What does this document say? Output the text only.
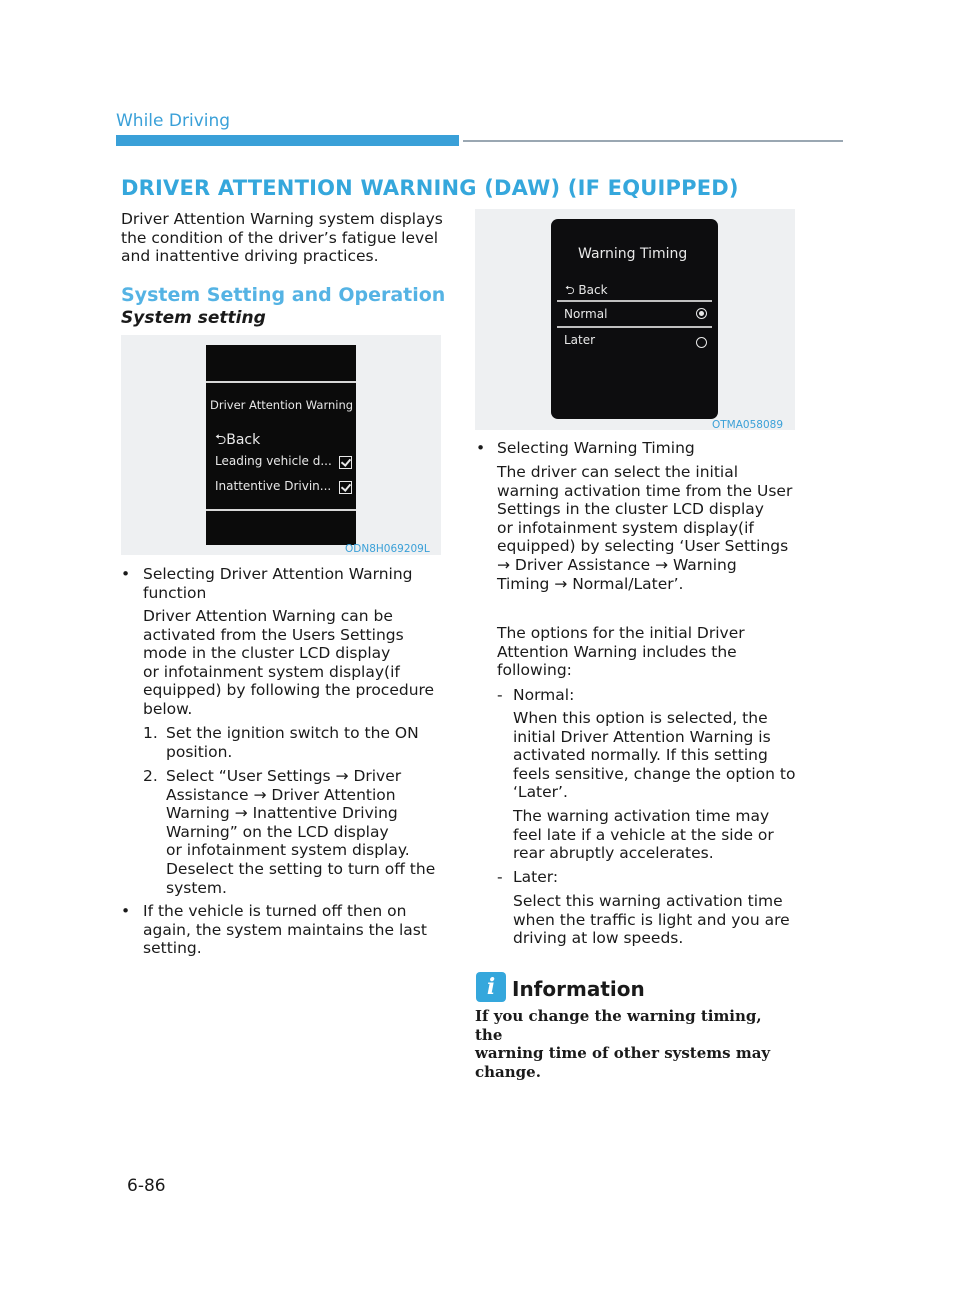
While Driving
DRIVER ATTENTION WARNING (DAW) (IF EQUIPPED)

Driver Attention Warning system displays

the condition of the driver’s fatigue level

and inattentive driving practices.

System Setting and Operation
System setting
Driver Attention Warning
⮌Back
Leading vehicle d...
Inattentive Drivin...
ODN8H069209L
• Selecting Driver Attention Warning

function

Driver Attention Warning can be

activated from the Users Settings

mode in the cluster LCD display

or infotainment system display(if

equipped) by following the procedure

below.

1. Set the ignition switch to the ON

position.

2. Select “User Settings → Driver

Assistance → Driver Attention

Warning → Inattentive Driving

Warning” on the LCD display

or infotainment system display.

Deselect the setting to turn off the

system.

• If the vehicle is turned off then on

again, the system maintains the last

setting.

Warning Timing
⮌ Back
Normal
Later
OTMA058089
• Selecting Warning Timing

The driver can select the initial

warning activation time from the User

Settings in the cluster LCD display

or infotainment system display(if

equipped) by selecting ‘User Settings

→ Driver Assistance → Warning

Timing → Normal/Later’.

The options for the initial Driver

Attention Warning includes the

following:

- Normal:

When this option is selected, the

initial Driver Attention Warning is

activated normally. If this setting

feels sensitive, change the option to

‘Later’.

The warning activation time may

feel late if a vehicle at the side or

rear abruptly accelerates.

- Later:

Select this warning activation time

when the traffic is light and you are

driving at low speeds.

i Information

If you change the warning timing, the

warning time of other systems may

change.

6-86
